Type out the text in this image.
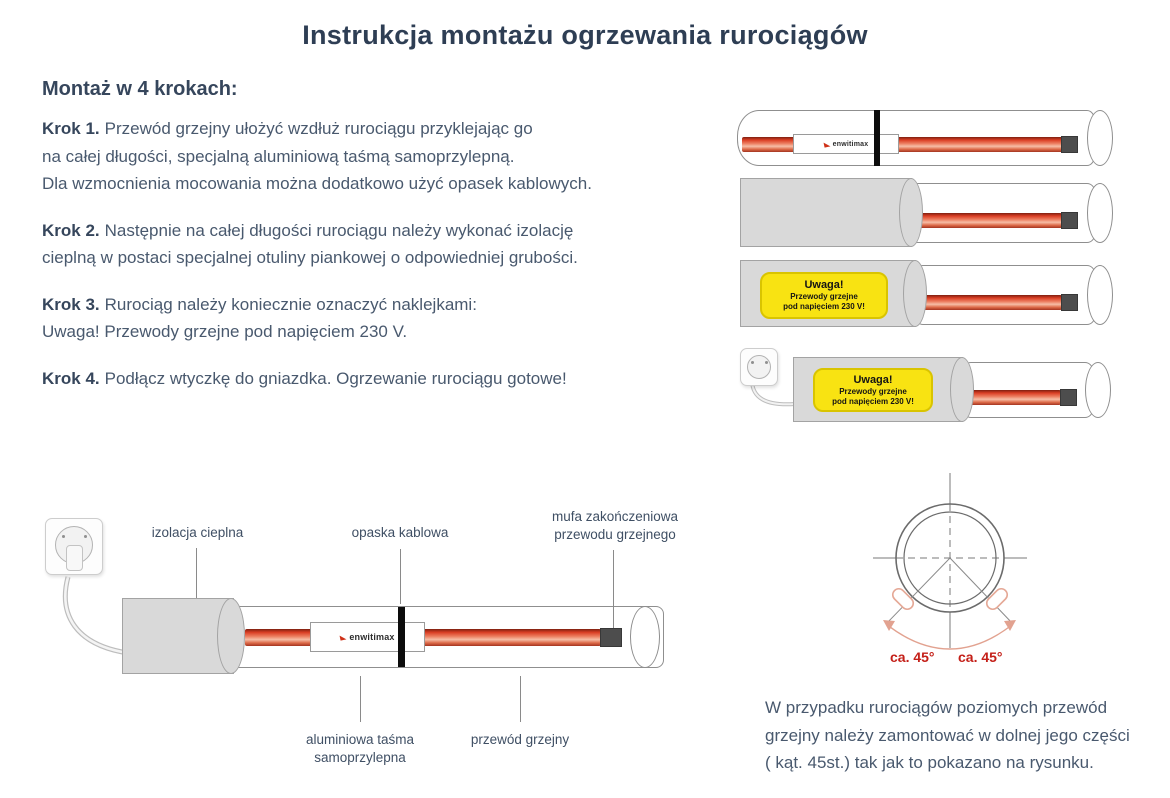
Instrukcja montażu ogrzewania rurociągów
Montaż w 4 krokach:
Krok 1. Przewód grzejny ułożyć wzdłuż rurociągu przyklejając go
na całej długości, specjalną aluminiową taśmą samoprzylepną.
Dla wzmocnienia mocowania można dodatkowo użyć opasek kablowych.
Krok 2. Następnie na całej długości rurociągu należy wykonać izolację
cieplną w postaci specjalnej otuliny piankowej o odpowiedniej grubości.
Krok 3. Rurociąg należy koniecznie oznaczyć naklejkami:
Uwaga! Przewody grzejne pod napięciem 230 V.
Krok 4. Podłącz wtyczkę do gniazdka. Ogrzewanie rurociągu gotowe!
enwitimax
Uwaga!
Przewody grzejne
pod napięciem 230 V!
Uwaga!
Przewody grzejne
pod napięciem 230 V!
enwitimax
izolacja cieplna	opaska kablowa
mufa zakończeniowa
przewodu grzejnego
aluminiowa taśma
samoprzylepna
przewód grzejny
ca. 45° ca. 45°
W przypadku rurociągów poziomych przewód
grzejny należy zamontować w dolnej jego części
( kąt. 45st.) tak jak to pokazano na rysunku.
